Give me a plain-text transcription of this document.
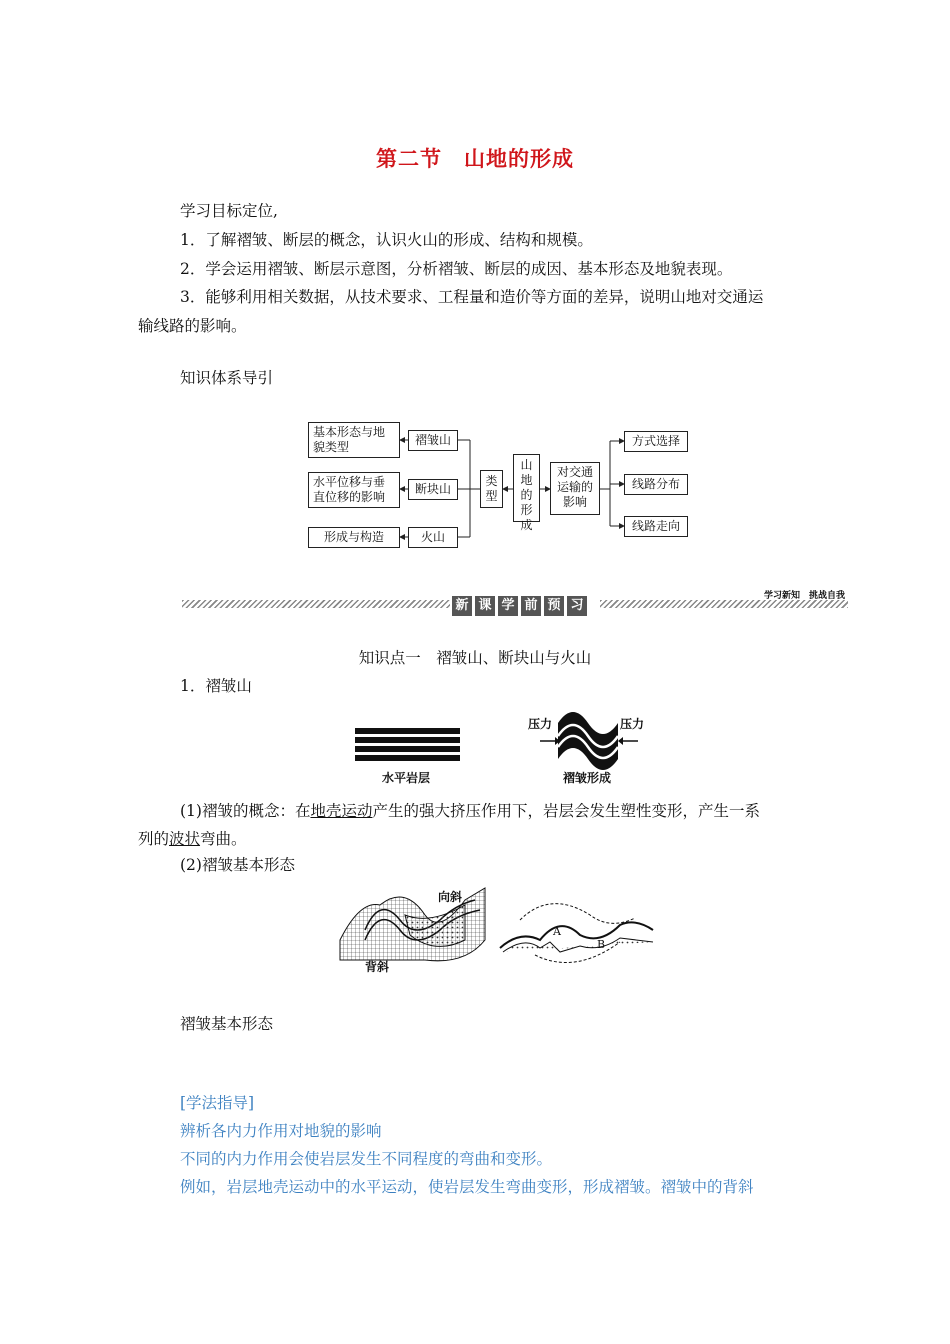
第二节　山地的形成
学习目标定位,
1．了解褶皱、断层的概念，认识火山的形成、结构和规模。
2．学会运用褶皱、断层示意图，分析褶皱、断层的成因、基本形态及地貌表现。
3．能够利用相关数据，从技术要求、工程量和造价等方面的差异，说明山地对交通运
输线路的影响。
知识体系导引
基本形态与地貌类型
水平位移与垂直位移的影响
形成与构造
褶皱山
断块山
火山
类型
山地的形成
对交通运输的影响
方式选择
线路分布
线路走向
新 课 学 前 预 习
学习新知　挑战自我
知识点一　褶皱山、断块山与火山
1．褶皱山
压力	压力
水平岩层	褶皱形成
(1)褶皱的概念：在地壳运动产生的强大挤压作用下，岩层会发生塑性变形，产生一系
列的波状弯曲。
(2)褶皱基本形态
向斜
背斜
A
B
褶皱基本形态
[学法指导]
辨析各内力作用对地貌的影响
不同的内力作用会使岩层发生不同程度的弯曲和变形。
例如，岩层地壳运动中的水平运动，使岩层发生弯曲变形，形成褶皱。褶皱中的背斜
